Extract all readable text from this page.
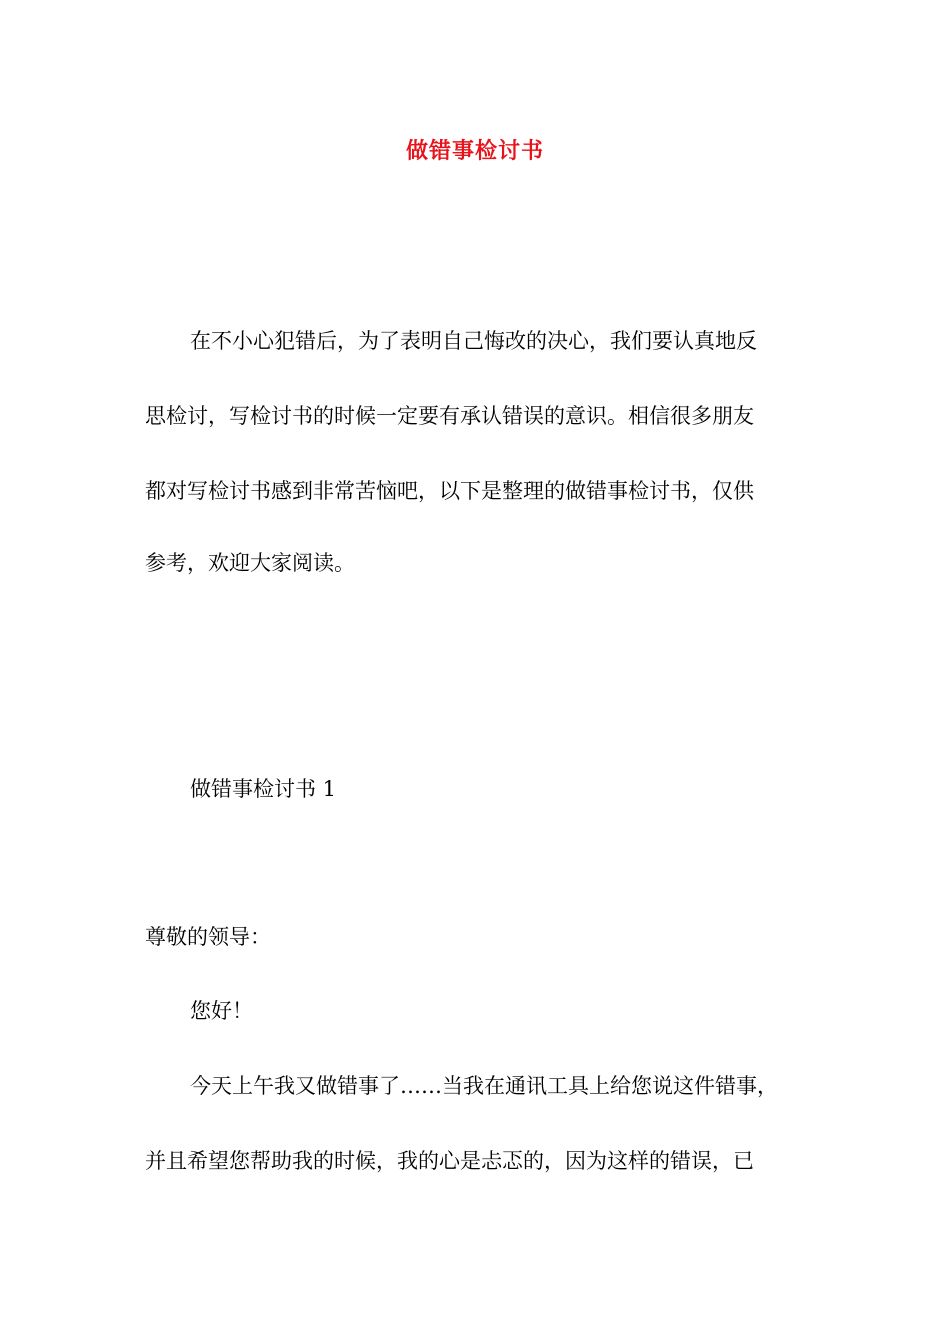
做错事检讨书
在不小心犯错后，为了表明自己悔改的决心，我们要认真地反
思检讨，写检讨书的时候一定要有承认错误的意识。相信很多朋友
都对写检讨书感到非常苦恼吧，以下是整理的做错事检讨书，仅供
参考，欢迎大家阅读。
做错事检讨书 1
尊敬的领导：
您好！
今天上午我又做错事了……当我在通讯工具上给您说这件错事，
并且希望您帮助我的时候，我的心是忐忑的，因为这样的错误，已
